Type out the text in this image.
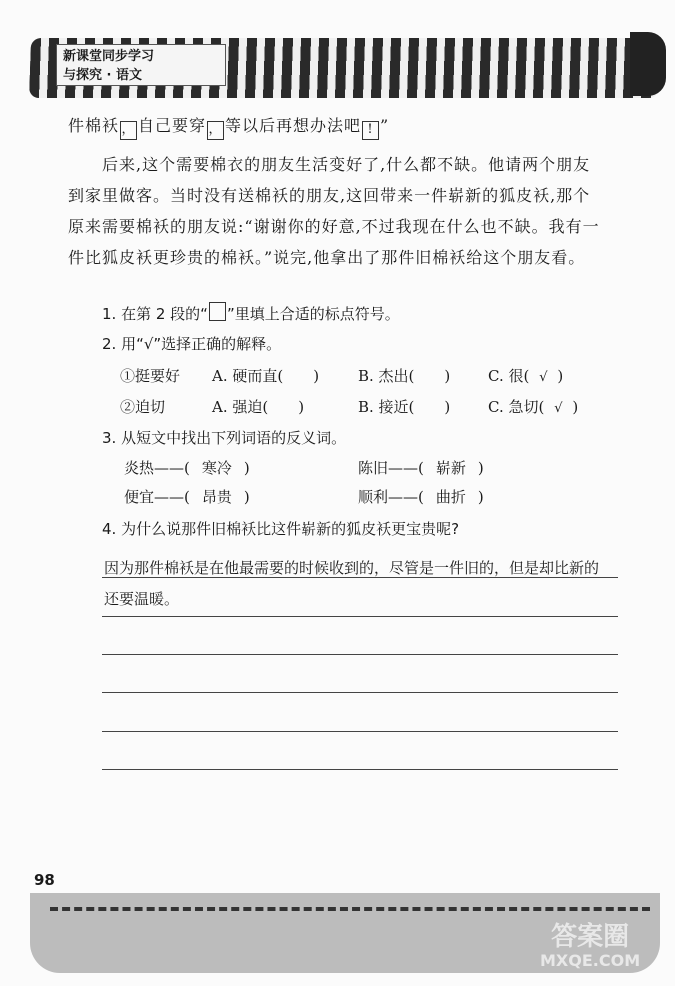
新课堂同步学习
与探究 · 语文
件棉袄 ， 自己要穿 ， 等以后再想办法吧 ! ”
后来,这个需要棉衣的朋友生活变好了,什么都不缺。他请两个朋友
到家里做客。当时没有送棉袄的朋友,这回带来一件崭新的狐皮袄,那个
原来需要棉袄的朋友说:“谢谢你的好意,不过我现在什么也不缺。我有一
件比狐皮袄更珍贵的棉袄。”说完,他拿出了那件旧棉袄给这个朋友看。
1. 在第 2 段的“ ”里填上合适的标点符号。
2. 用“√”选择正确的解释。
①挺要好 A. 硬而直( )	B. 杰出( )	C. 很( √ )
②迫切	A. 强迫( )	B. 接近( )	C. 急切( √ )
3. 从短文中找出下列词语的反义词。
炎热——( 寒冷 )	陈旧——( 崭新 )
便宜——( 昂贵 )	顺利——( 曲折 )
4. 为什么说那件旧棉袄比这件崭新的狐皮袄更宝贵呢?
因为那件棉袄是在他最需要的时候收到的，尽管是一件旧的，但是却比新的
还要温暖。
98
答案圈
MXQE.COM
